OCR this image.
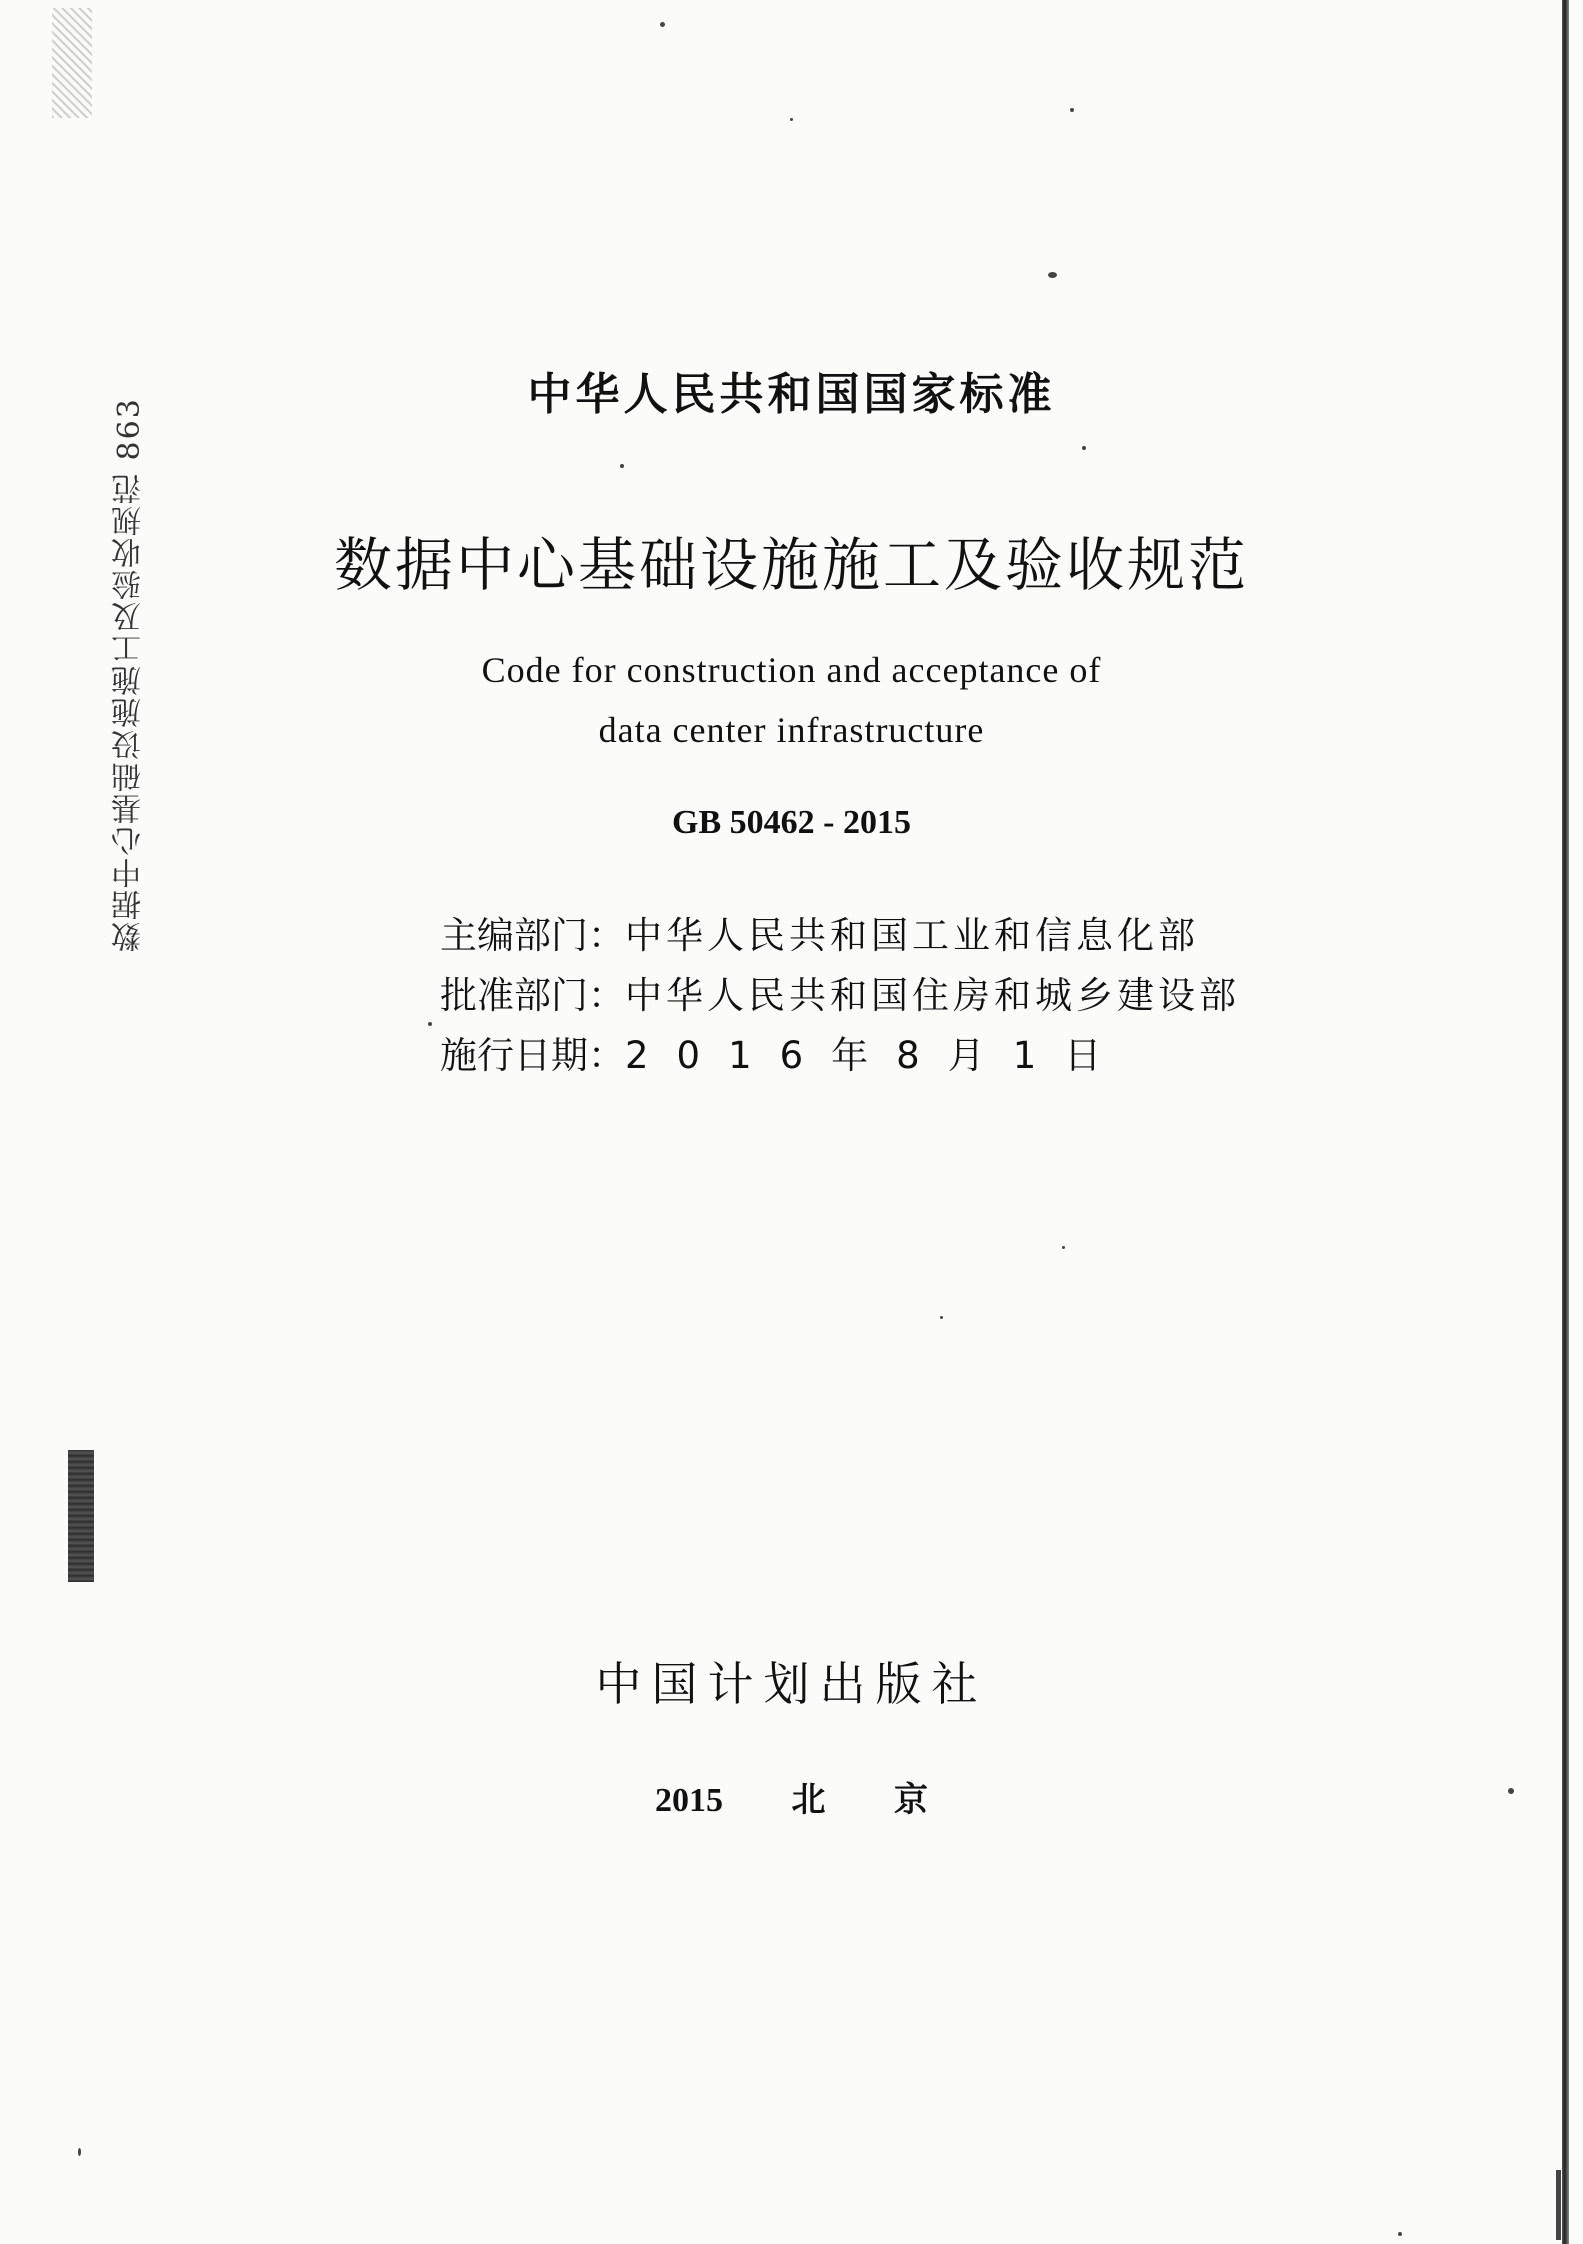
数据中心基础设施施工及验收规范 863
中华人民共和国国家标准
数据中心基础设施施工及验收规范
Code for construction and acceptance of
data center infrastructure
GB 50462 - 2015
主编部门： 中华人民共和国工业和信息化部
批准部门： 中华人民共和国住房和城乡建设部
施行日期： 2016年8月1日
中国计划出版社
2015 北 京
